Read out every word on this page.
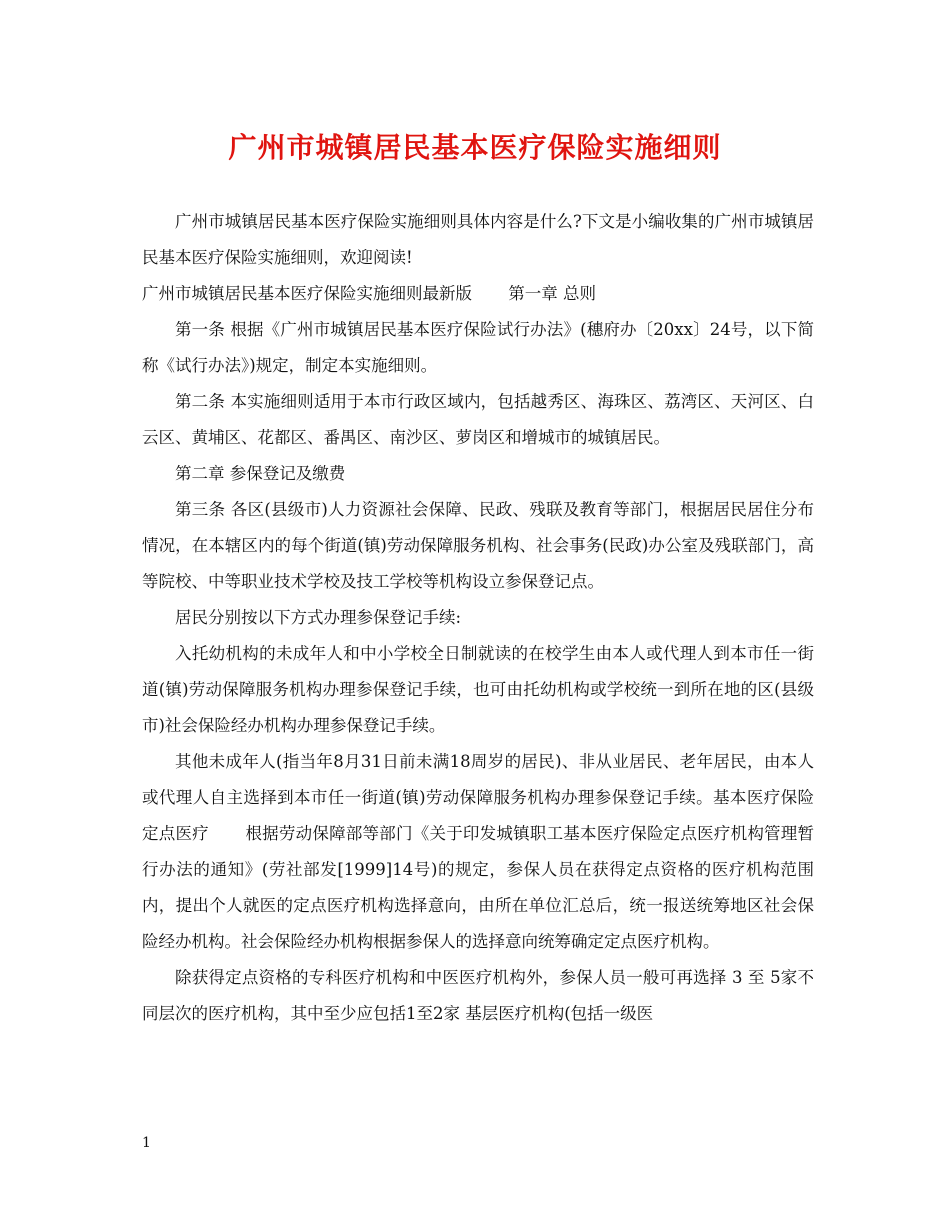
广州市城镇居民基本医疗保险实施细则

广州市城镇居民基本医疗保险实施细则具体内容是什么?下文是小编收集的广州市城镇居民基本医疗保险实施细则，欢迎阅读!

广州市城镇居民基本医疗保险实施细则最新版 第一章 总则

第一条 根据《广州市城镇居民基本医疗保险试行办法》(穗府办〔20xx〕24号，以下简称《试行办法》)规定，制定本实施细则。

第二条 本实施细则适用于本市行政区域内，包括越秀区、海珠区、荔湾区、天河区、白云区、黄埔区、花都区、番禺区、南沙区、萝岗区和增城市的城镇居民。

第二章 参保登记及缴费

第三条 各区(县级市)人力资源社会保障、民政、残联及教育等部门，根据居民居住分布情况，在本辖区内的每个街道(镇)劳动保障服务机构、社会事务(民政)办公室及残联部门，高等院校、中等职业技术学校及技工学校等机构设立参保登记点。

居民分别按以下方式办理参保登记手续:

入托幼机构的未成年人和中小学校全日制就读的在校学生由本人或代理人到本市任一街道(镇)劳动保障服务机构办理参保登记手续，也可由托幼机构或学校统一到所在地的区(县级市)社会保险经办机构办理参保登记手续。

其他未成年人(指当年8月31日前未满18周岁的居民)、非从业居民、老年居民，由本人或代理人自主选择到本市任一街道(镇)劳动保障服务机构办理参保登记手续。基本医疗保险定点医疗 根据劳动保障部等部门《关于印发城镇职工基本医疗保险定点医疗机构管理暂行办法的通知》(劳社部发[1999]14号)的规定，参保人员在获得定点资格的医疗机构范围内，提出个人就医的定点医疗机构选择意向，由所在单位汇总后，统一报送统筹地区社会保险经办机构。社会保险经办机构根据参保人的选择意向统筹确定定点医疗机构。

除获得定点资格的专科医疗机构和中医医疗机构外，参保人员一般可再选择 3 至 5家不同层次的医疗机构，其中至少应包括1至2家 基层医疗机构(包括一级医

1
